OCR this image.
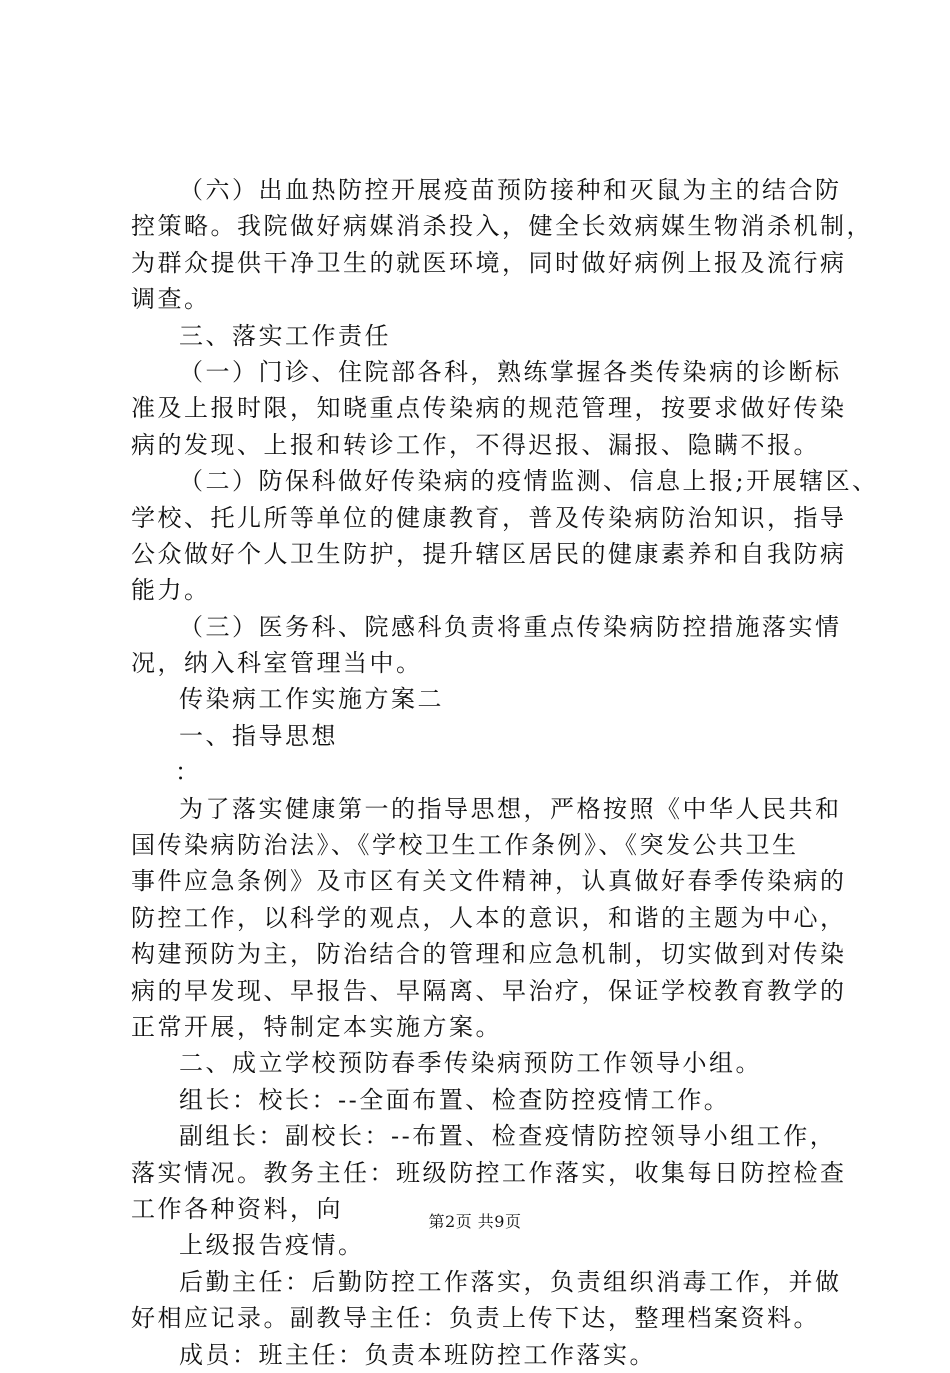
（六）出血热防控开展疫苗预防接种和灭鼠为主的结合防
控策略。我院做好病媒消杀投入，健全长效病媒生物消杀机制，
为群众提供干净卫生的就医环境，同时做好病例上报及流行病
调查。
三、落实工作责任
（一）门诊、住院部各科，熟练掌握各类传染病的诊断标
准及上报时限，知晓重点传染病的规范管理，按要求做好传染
病的发现、上报和转诊工作，不得迟报、漏报、隐瞒不报。
（二）防保科做好传染病的疫情监测、信息上报;开展辖区、
学校、托儿所等单位的健康教育，普及传染病防治知识，指导
公众做好个人卫生防护，提升辖区居民的健康素养和自我防病
能力。
（三）医务科、院感科负责将重点传染病防控措施落实情
况，纳入科室管理当中。
传染病工作实施方案二
一、指导思想
：
为了落实健康第一的指导思想，严格按照《中华人民共和
国传染病防治法》、《学校卫生工作条例》、《突发公共卫生
事件应急条例》及市区有关文件精神，认真做好春季传染病的
防控工作，以科学的观点，人本的意识，和谐的主题为中心，
构建预防为主，防治结合的管理和应急机制，切实做到对传染
病的早发现、早报告、早隔离、早治疗，保证学校教育教学的
正常开展，特制定本实施方案。
二、成立学校预防春季传染病预防工作领导小组。
组长：校长：--全面布置、检查防控疫情工作。
副组长：副校长：--布置、检查疫情防控领导小组工作，
落实情况。教务主任：班级防控工作落实，收集每日防控检查
工作各种资料，向
上级报告疫情。
后勤主任：后勤防控工作落实，负责组织消毒工作，并做
好相应记录。副教导主任：负责上传下达，整理档案资料。
成员：班主任：负责本班防控工作落实。
第2页 共9页
